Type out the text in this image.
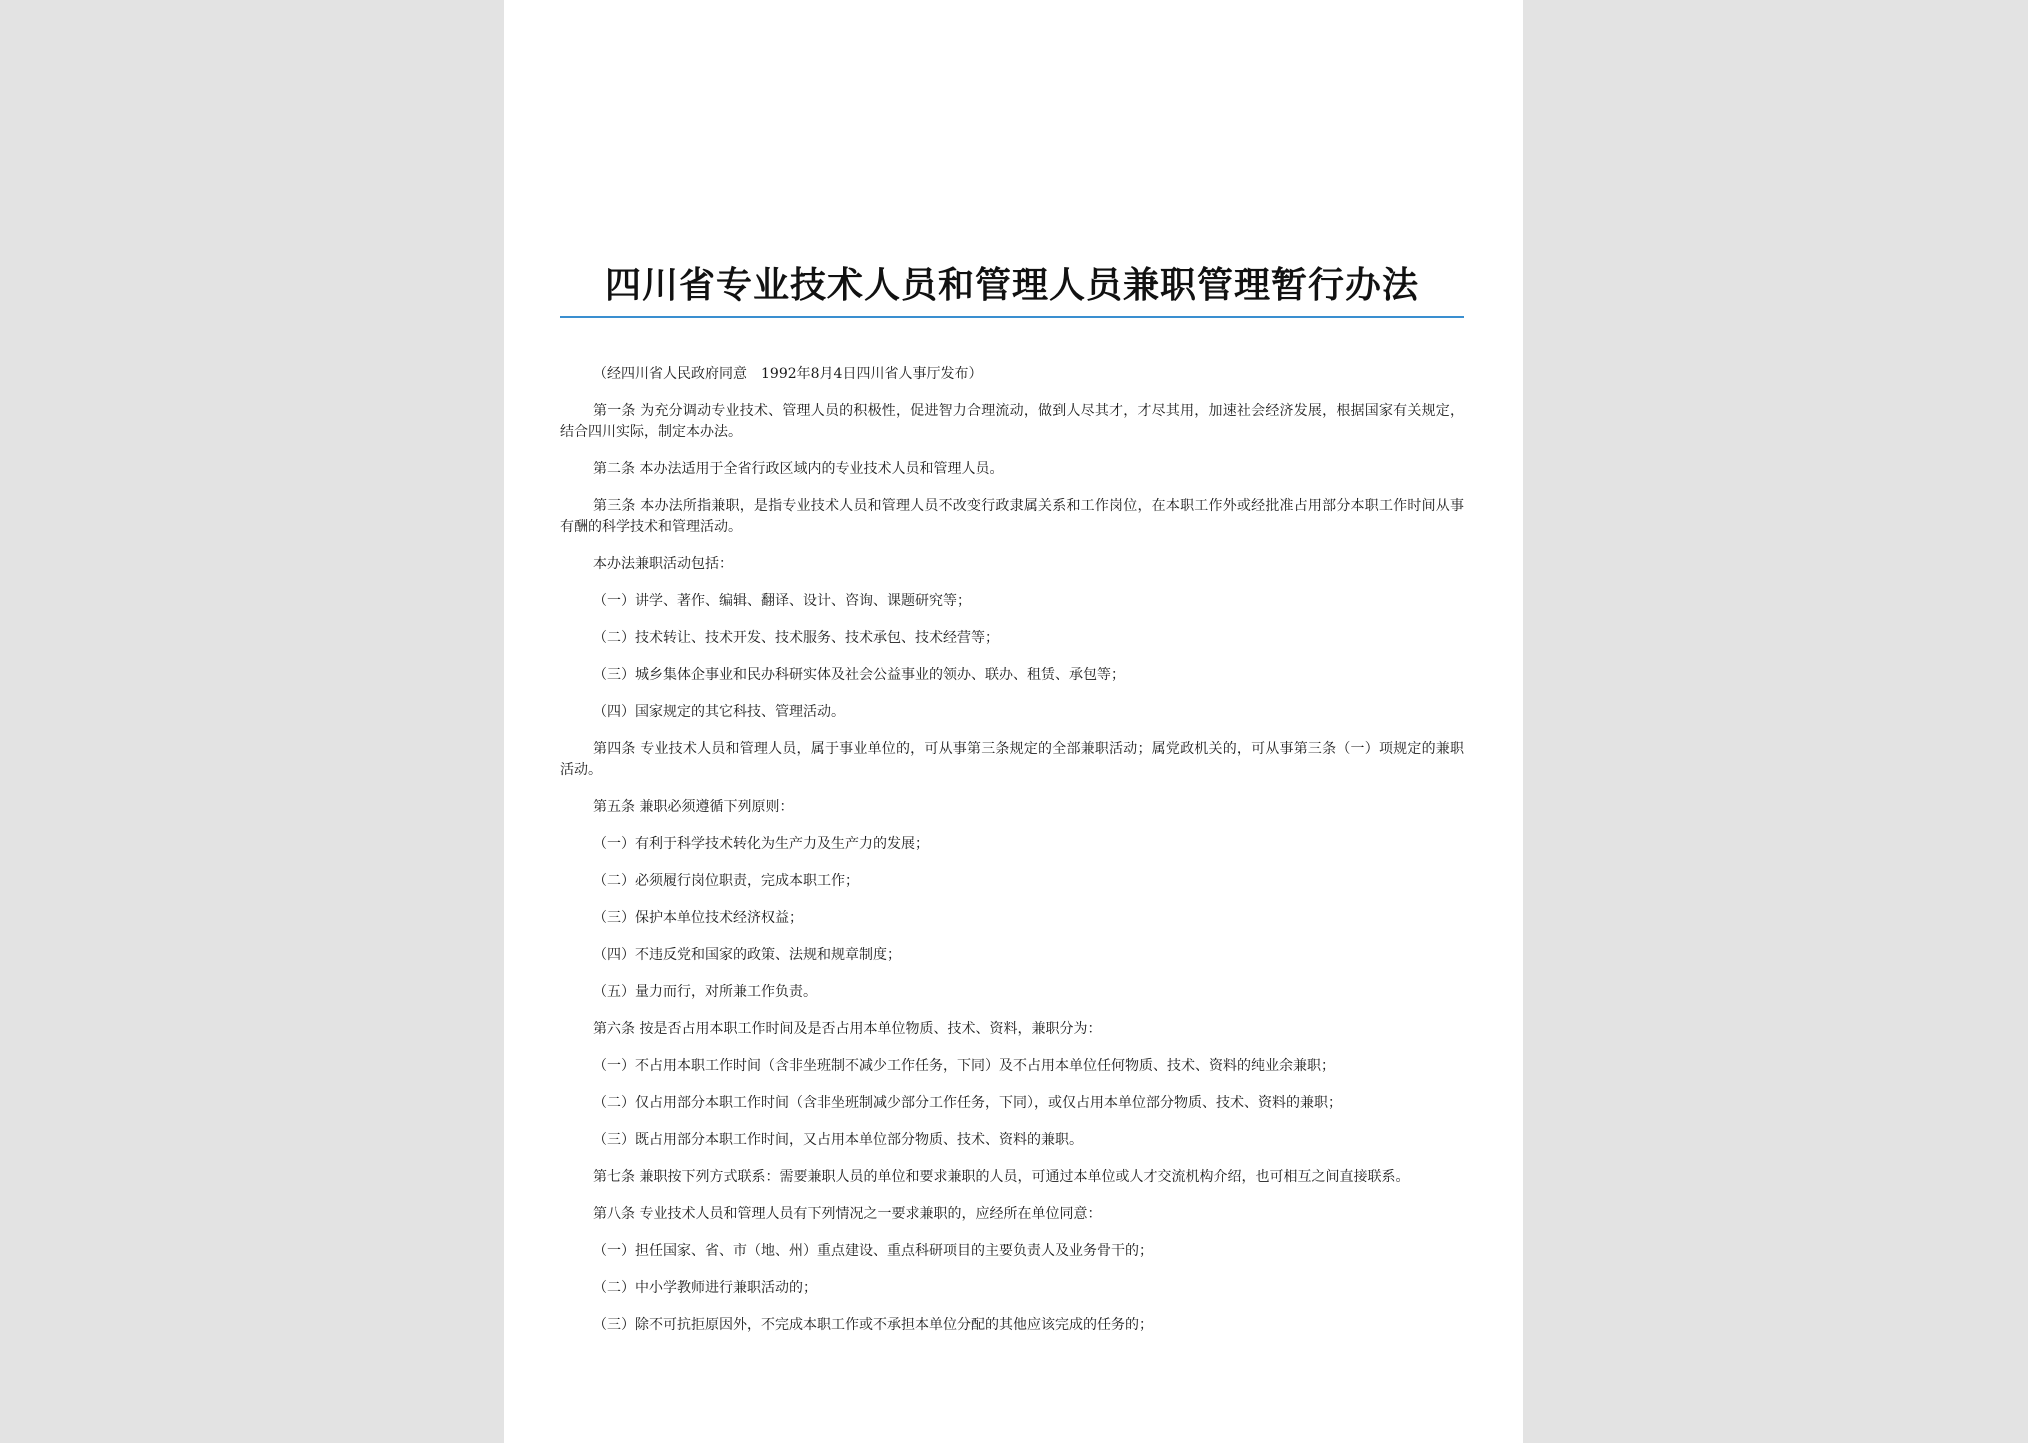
四川省专业技术人员和管理人员兼职管理暂行办法

（经四川省人民政府同意　1992年8月4日四川省人事厅发布）

第一条 为充分调动专业技术、管理人员的积极性，促进智力合理流动，做到人尽其才，才尽其用，加速社会经济发展，根据国家有关规定，结合四川实际，制定本办法。

第二条 本办法适用于全省行政区域内的专业技术人员和管理人员。

第三条 本办法所指兼职，是指专业技术人员和管理人员不改变行政隶属关系和工作岗位，在本职工作外或经批准占用部分本职工作时间从事有酬的科学技术和管理活动。

本办法兼职活动包括：

（一）讲学、著作、编辑、翻译、设计、咨询、课题研究等；

（二）技术转让、技术开发、技术服务、技术承包、技术经营等；

（三）城乡集体企事业和民办科研实体及社会公益事业的领办、联办、租赁、承包等；

（四）国家规定的其它科技、管理活动。

第四条 专业技术人员和管理人员，属于事业单位的，可从事第三条规定的全部兼职活动；属党政机关的，可从事第三条（一）项规定的兼职活动。

第五条 兼职必须遵循下列原则：

（一）有利于科学技术转化为生产力及生产力的发展；

（二）必须履行岗位职责，完成本职工作；

（三）保护本单位技术经济权益；

（四）不违反党和国家的政策、法规和规章制度；

（五）量力而行，对所兼工作负责。

第六条 按是否占用本职工作时间及是否占用本单位物质、技术、资料，兼职分为：

（一）不占用本职工作时间（含非坐班制不减少工作任务，下同）及不占用本单位任何物质、技术、资料的纯业余兼职；

（二）仅占用部分本职工作时间（含非坐班制减少部分工作任务，下同），或仅占用本单位部分物质、技术、资料的兼职；

（三）既占用部分本职工作时间，又占用本单位部分物质、技术、资料的兼职。

第七条 兼职按下列方式联系：需要兼职人员的单位和要求兼职的人员，可通过本单位或人才交流机构介绍，也可相互之间直接联系。

第八条 专业技术人员和管理人员有下列情况之一要求兼职的，应经所在单位同意：

（一）担任国家、省、市（地、州）重点建设、重点科研项目的主要负责人及业务骨干的；

（二）中小学教师进行兼职活动的；

（三）除不可抗拒原因外，不完成本职工作或不承担本单位分配的其他应该完成的任务的；
